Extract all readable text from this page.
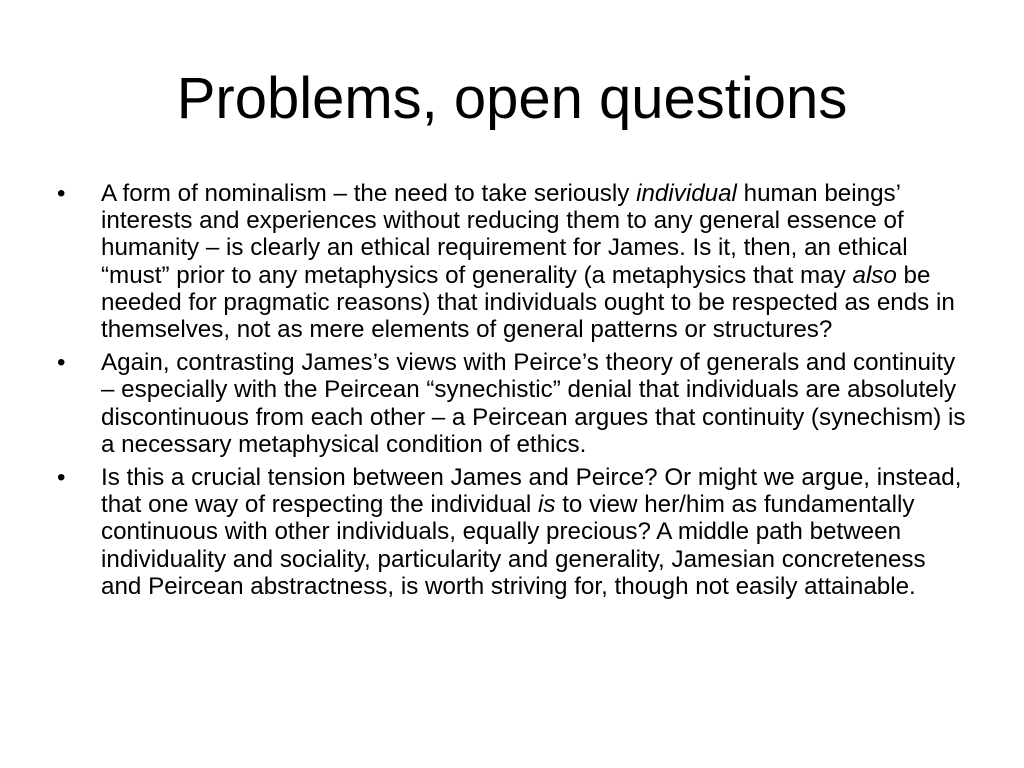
Problems, open questions
•	A form of nominalism – the need to take seriously individual human beings’ interests and experiences without reducing them to any general essence of humanity – is clearly an ethical requirement for James. Is it, then, an ethical “must” prior to any metaphysics of generality (a metaphysics that may also be needed for pragmatic reasons) that individuals ought to be respected as ends in themselves, not as mere elements of general patterns or structures?
•	Again, contrasting James’s views with Peirce’s theory of generals and continuity – especially with the Peircean “synechistic” denial that individuals are absolutely discontinuous from each other – a Peircean argues that continuity (synechism) is a necessary metaphysical condition of ethics.
•	Is this a crucial tension between James and Peirce? Or might we argue, instead, that one way of respecting the individual is to view her/him as fundamentally continuous with other individuals, equally precious? A middle path between individuality and sociality, particularity and generality, Jamesian concreteness and Peircean abstractness, is worth striving for, though not easily attainable.
